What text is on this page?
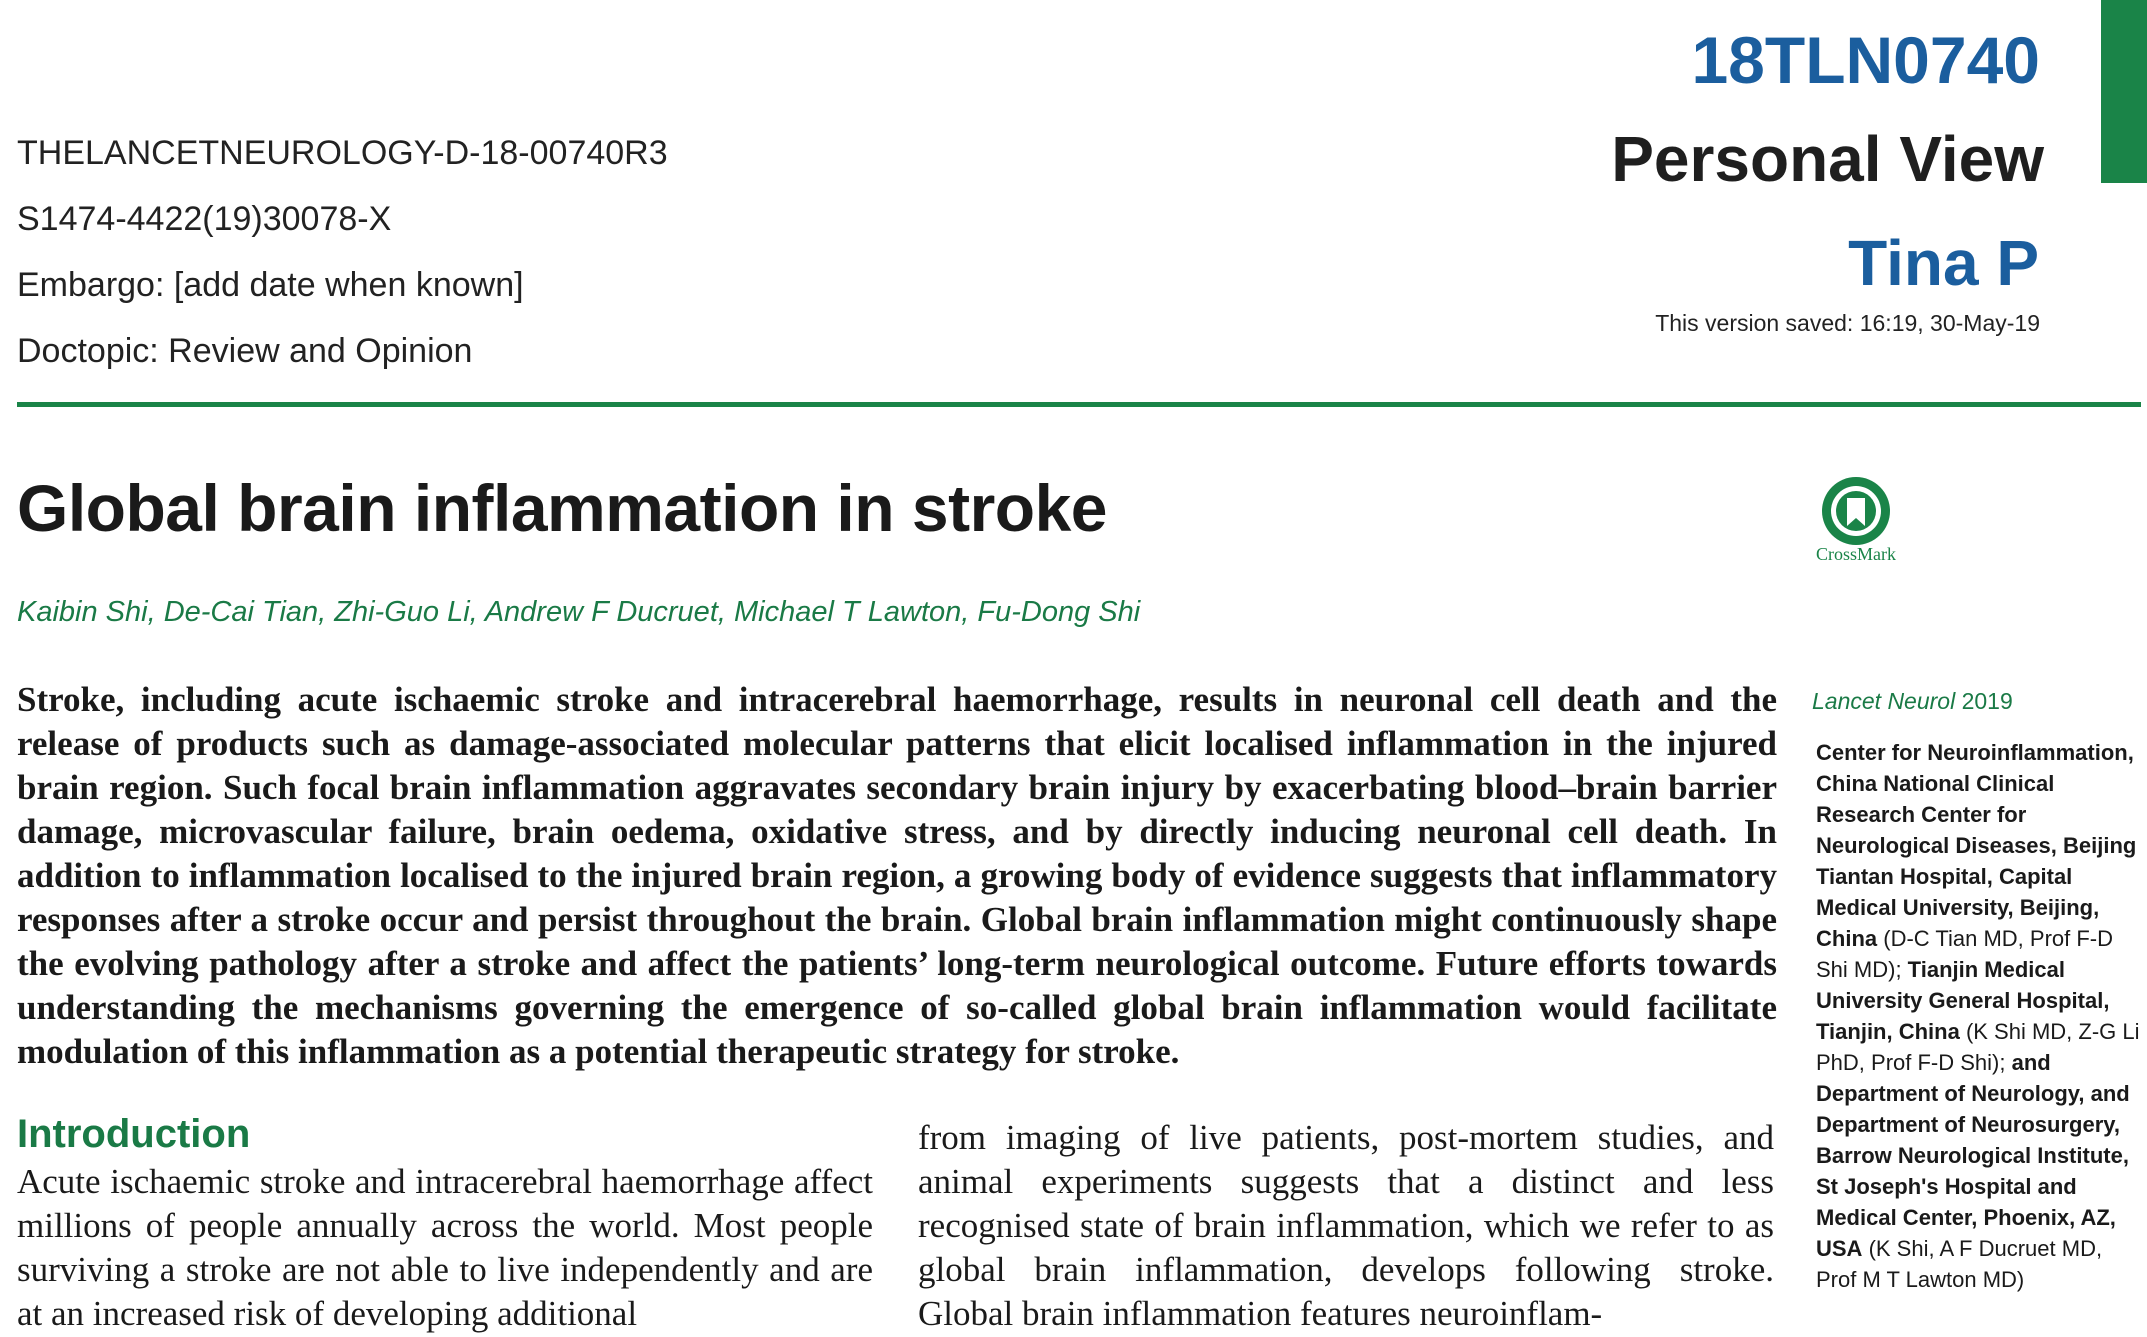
THELANCETNEUROLOGY-D-18-00740R3
S1474-4422(19)30078-X
Embargo: [add date when known]
Doctopic: Review and Opinion
18TLN0740
Personal View
Tina P
This version saved: 16:19, 30-May-19
CrossMark
Global brain inflammation in stroke
Kaibin Shi, De-Cai Tian, Zhi-Guo Li, Andrew F Ducruet, Michael T Lawton, Fu-Dong Shi
Stroke, including acute ischaemic stroke and intracerebral haemorrhage, results in neuronal cell death and the release of products such as damage-associated molecular patterns that elicit localised inflammation in the injured brain region. Such focal brain inflammation aggravates secondary brain injury by exacerbating blood–brain barrier damage, microvascular failure, brain oedema, oxidative stress, and by directly inducing neuronal cell death. In addition to inflammation localised to the injured brain region, a growing body of evidence suggests that inflammatory responses after a stroke occur and persist throughout the brain. Global brain inflammation might continuously shape the evolving pathology after a stroke and affect the patients’ long-term neurological outcome. Future efforts towards understanding the mechanisms governing the emergence of so-called global brain inflammation would facilitate modulation of this inflammation as a potential therapeutic strategy for stroke.
Lancet Neurol 2019
Center for Neuroinflammation, China National Clinical Research Center for Neurological Diseases, Beijing Tiantan Hospital, Capital Medical University, Beijing, China (D-C Tian MD, Prof F-D Shi MD); Tianjin Medical University General Hospital, Tianjin, China (K Shi MD, Z-G Li PhD, Prof F-D Shi); and Department of Neurology, and Department of Neurosurgery, Barrow Neurological Institute, St Joseph's Hospital and Medical Center, Phoenix, AZ, USA (K Shi, A F Ducruet MD, Prof M T Lawton MD)
Introduction
Acute ischaemic stroke and intracerebral haemorrhage affect millions of people annually across the world. Most people surviving a stroke are not able to live independently and are at an increased risk of developing additional
from imaging of live patients, post-mortem studies, and animal experiments suggests that a distinct and less recognised state of brain inflammation, which we refer to as global brain inflammation, develops following stroke. Global brain inflammation features neuroinflam-
